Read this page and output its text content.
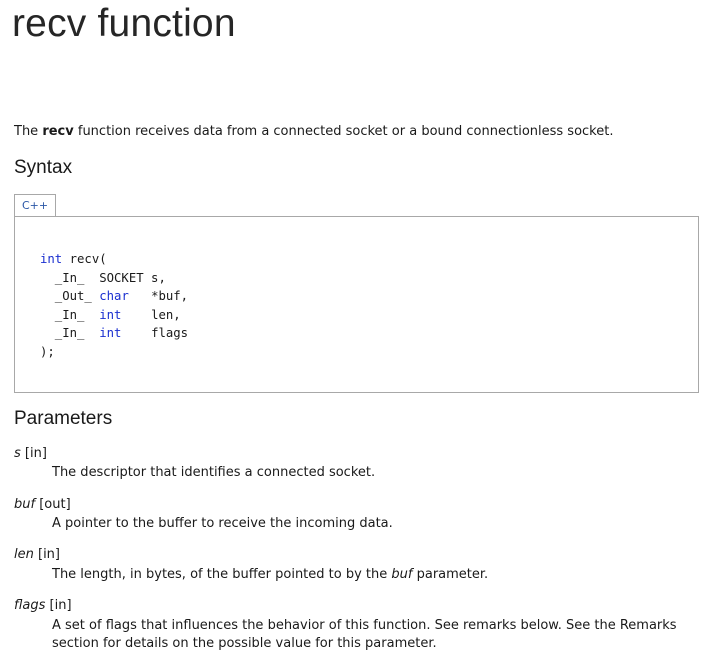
recv function
The recv function receives data from a connected socket or a bound connectionless socket.
Syntax
C++
int recv(
_In_  SOCKET s,
_Out_ char   *buf,
_In_  int    len,
_In_  int    flags
);
Parameters
s [in]
The descriptor that identifies a connected socket.
buf [out]
A pointer to the buffer to receive the incoming data.
len [in]
The length, in bytes, of the buffer pointed to by the buf parameter.
flags [in]
A set of flags that influences the behavior of this function. See remarks below. See the Remarks section for details on the possible value for this parameter.
